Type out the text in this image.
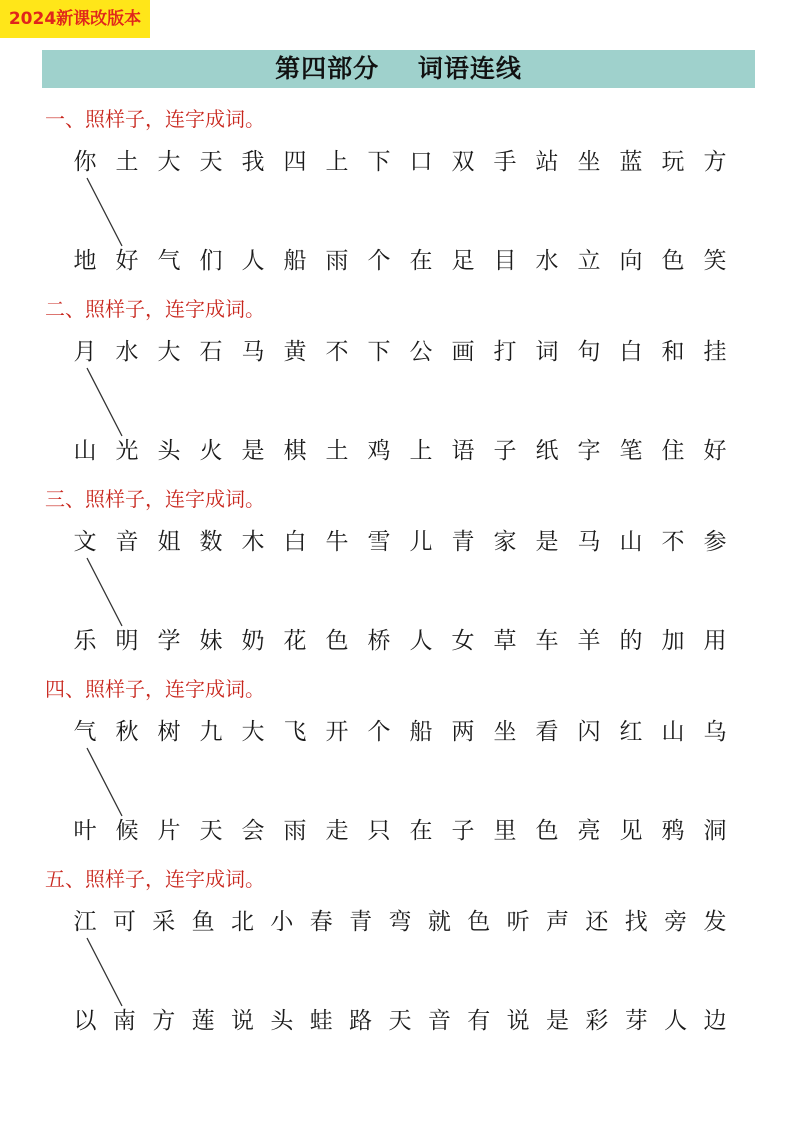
2024新课改版本
第四部分    词语连线
一、照样子，连字成词。
你 土 大 天 我 四 上 下 口 双 手 站 坐 蓝 玩 方
地 好 气 们 人 船 雨 个 在 足 目 水 立 向 色 笑
二、照样子，连字成词。
月 水 大 石 马 黄 不 下 公 画 打 词 句 白 和 挂
山 光 头 火 是 棋 土 鸡 上 语 子 纸 字 笔 住 好
三、照样子，连字成词。
文 音 姐 数 木 白 牛 雪 儿 青 家 是 马 山 不 参
乐 明 学 妹 奶 花 色 桥 人 女 草 车 羊 的 加 用
四、照样子，连字成词。
气 秋 树 九 大 飞 开 个 船 两 坐 看 闪 红 山 乌
叶 候 片 天 会 雨 走 只 在 子 里 色 亮 见 鸦 洞
五、照样子，连字成词。
江 可 采 鱼 北 小 春 青 弯 就 色 听 声 还 找 旁 发
以 南 方 莲 说 头 蛙 路 天 音 有 说 是 彩 芽 人 边
